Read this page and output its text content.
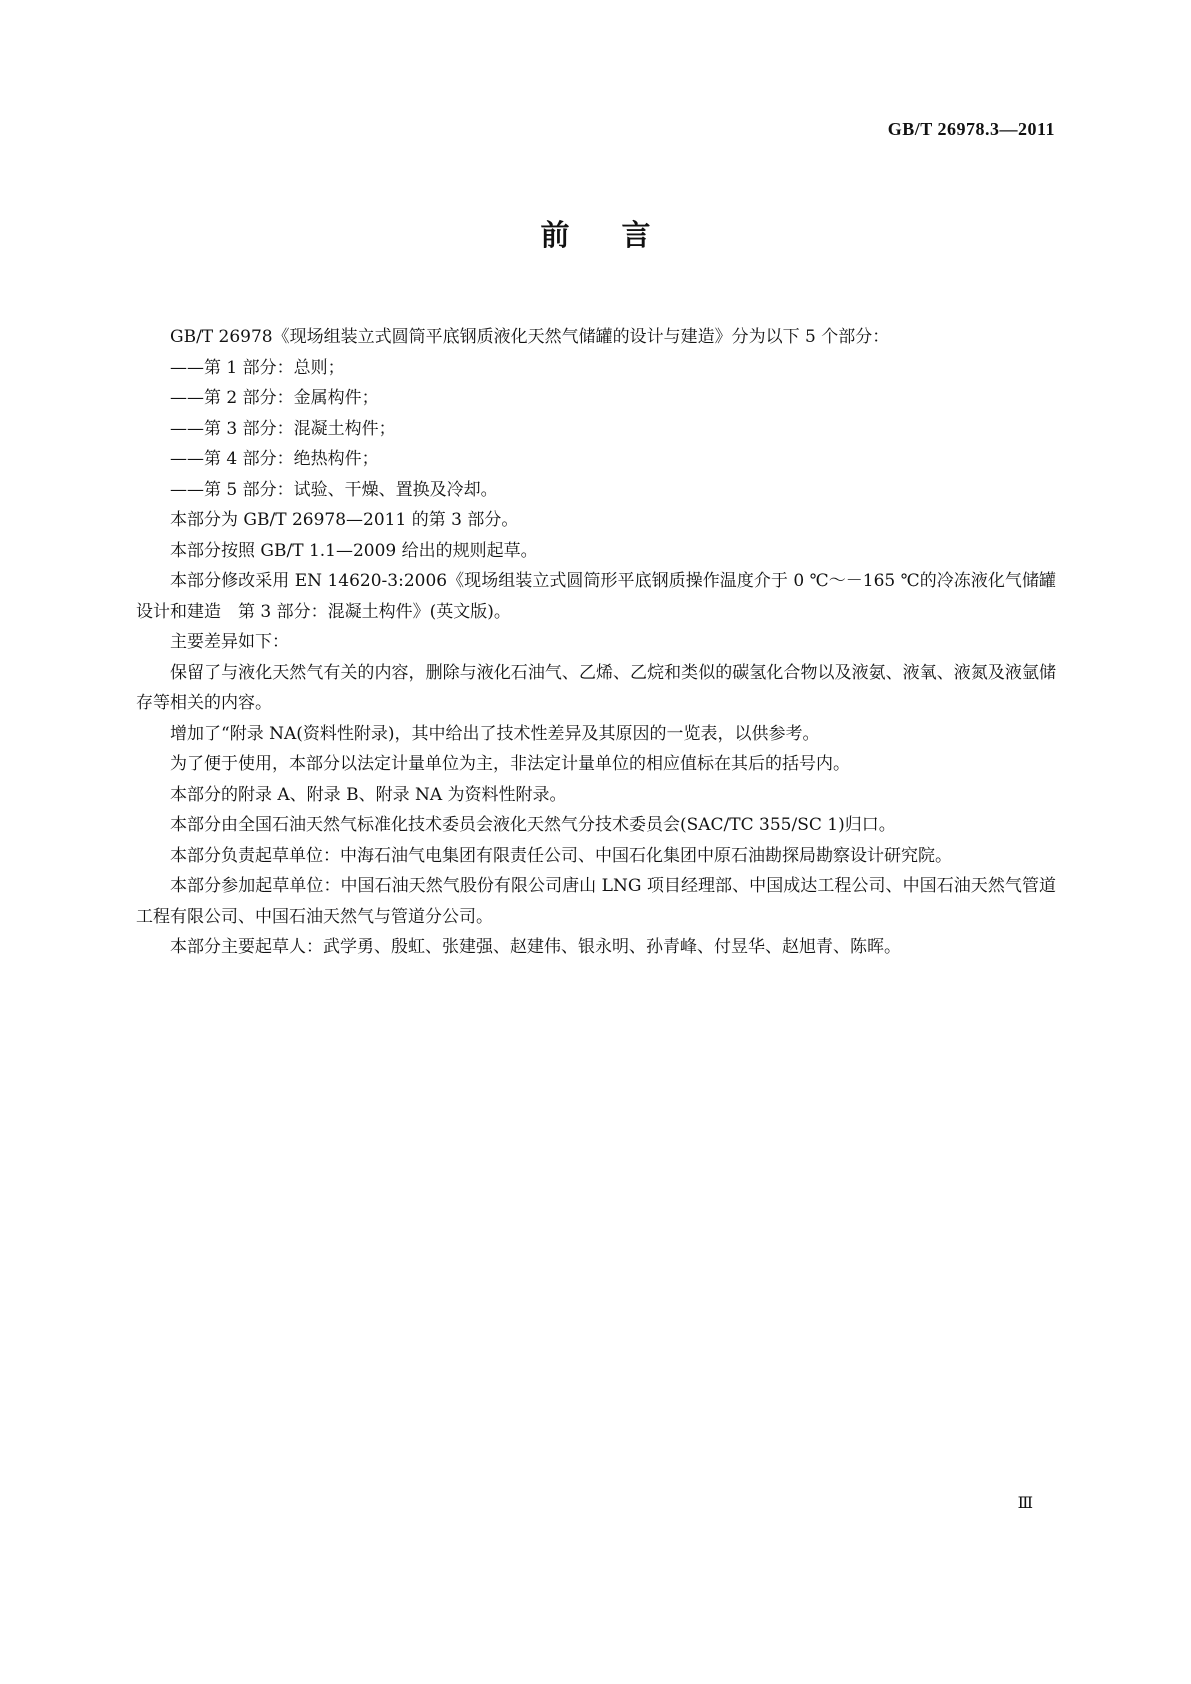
GB/T 26978.3—2011
前言

GB/T 26978《现场组装立式圆筒平底钢质液化天然气储罐的设计与建造》分为以下 5 个部分：

——第 1 部分：总则；

——第 2 部分：金属构件；

——第 3 部分：混凝土构件；

——第 4 部分：绝热构件；

——第 5 部分：试验、干燥、置换及冷却。

本部分为 GB/T 26978—2011 的第 3 部分。

本部分按照 GB/T 1.1—2009 给出的规则起草。

本部分修改采用 EN 14620-3:2006《现场组装立式圆筒形平底钢质操作温度介于 0 ℃～－165 ℃的冷冻液化气储罐设计和建造　第 3 部分：混凝土构件》(英文版)。

主要差异如下：

保留了与液化天然气有关的内容，删除与液化石油气、乙烯、乙烷和类似的碳氢化合物以及液氨、液氧、液氮及液氩储存等相关的内容。

增加了“附录 NA(资料性附录)，其中给出了技术性差异及其原因的一览表，以供参考。

为了便于使用，本部分以法定计量单位为主，非法定计量单位的相应值标在其后的括号内。

本部分的附录 A、附录 B、附录 NA 为资料性附录。

本部分由全国石油天然气标准化技术委员会液化天然气分技术委员会(SAC/TC 355/SC 1)归口。

本部分负责起草单位：中海石油气电集团有限责任公司、中国石化集团中原石油勘探局勘察设计研究院。

本部分参加起草单位：中国石油天然气股份有限公司唐山 LNG 项目经理部、中国成达工程公司、中国石油天然气管道工程有限公司、中国石油天然气与管道分公司。

本部分主要起草人：武学勇、殷虹、张建强、赵建伟、银永明、孙青峰、付昱华、赵旭青、陈晖。

Ⅲ
